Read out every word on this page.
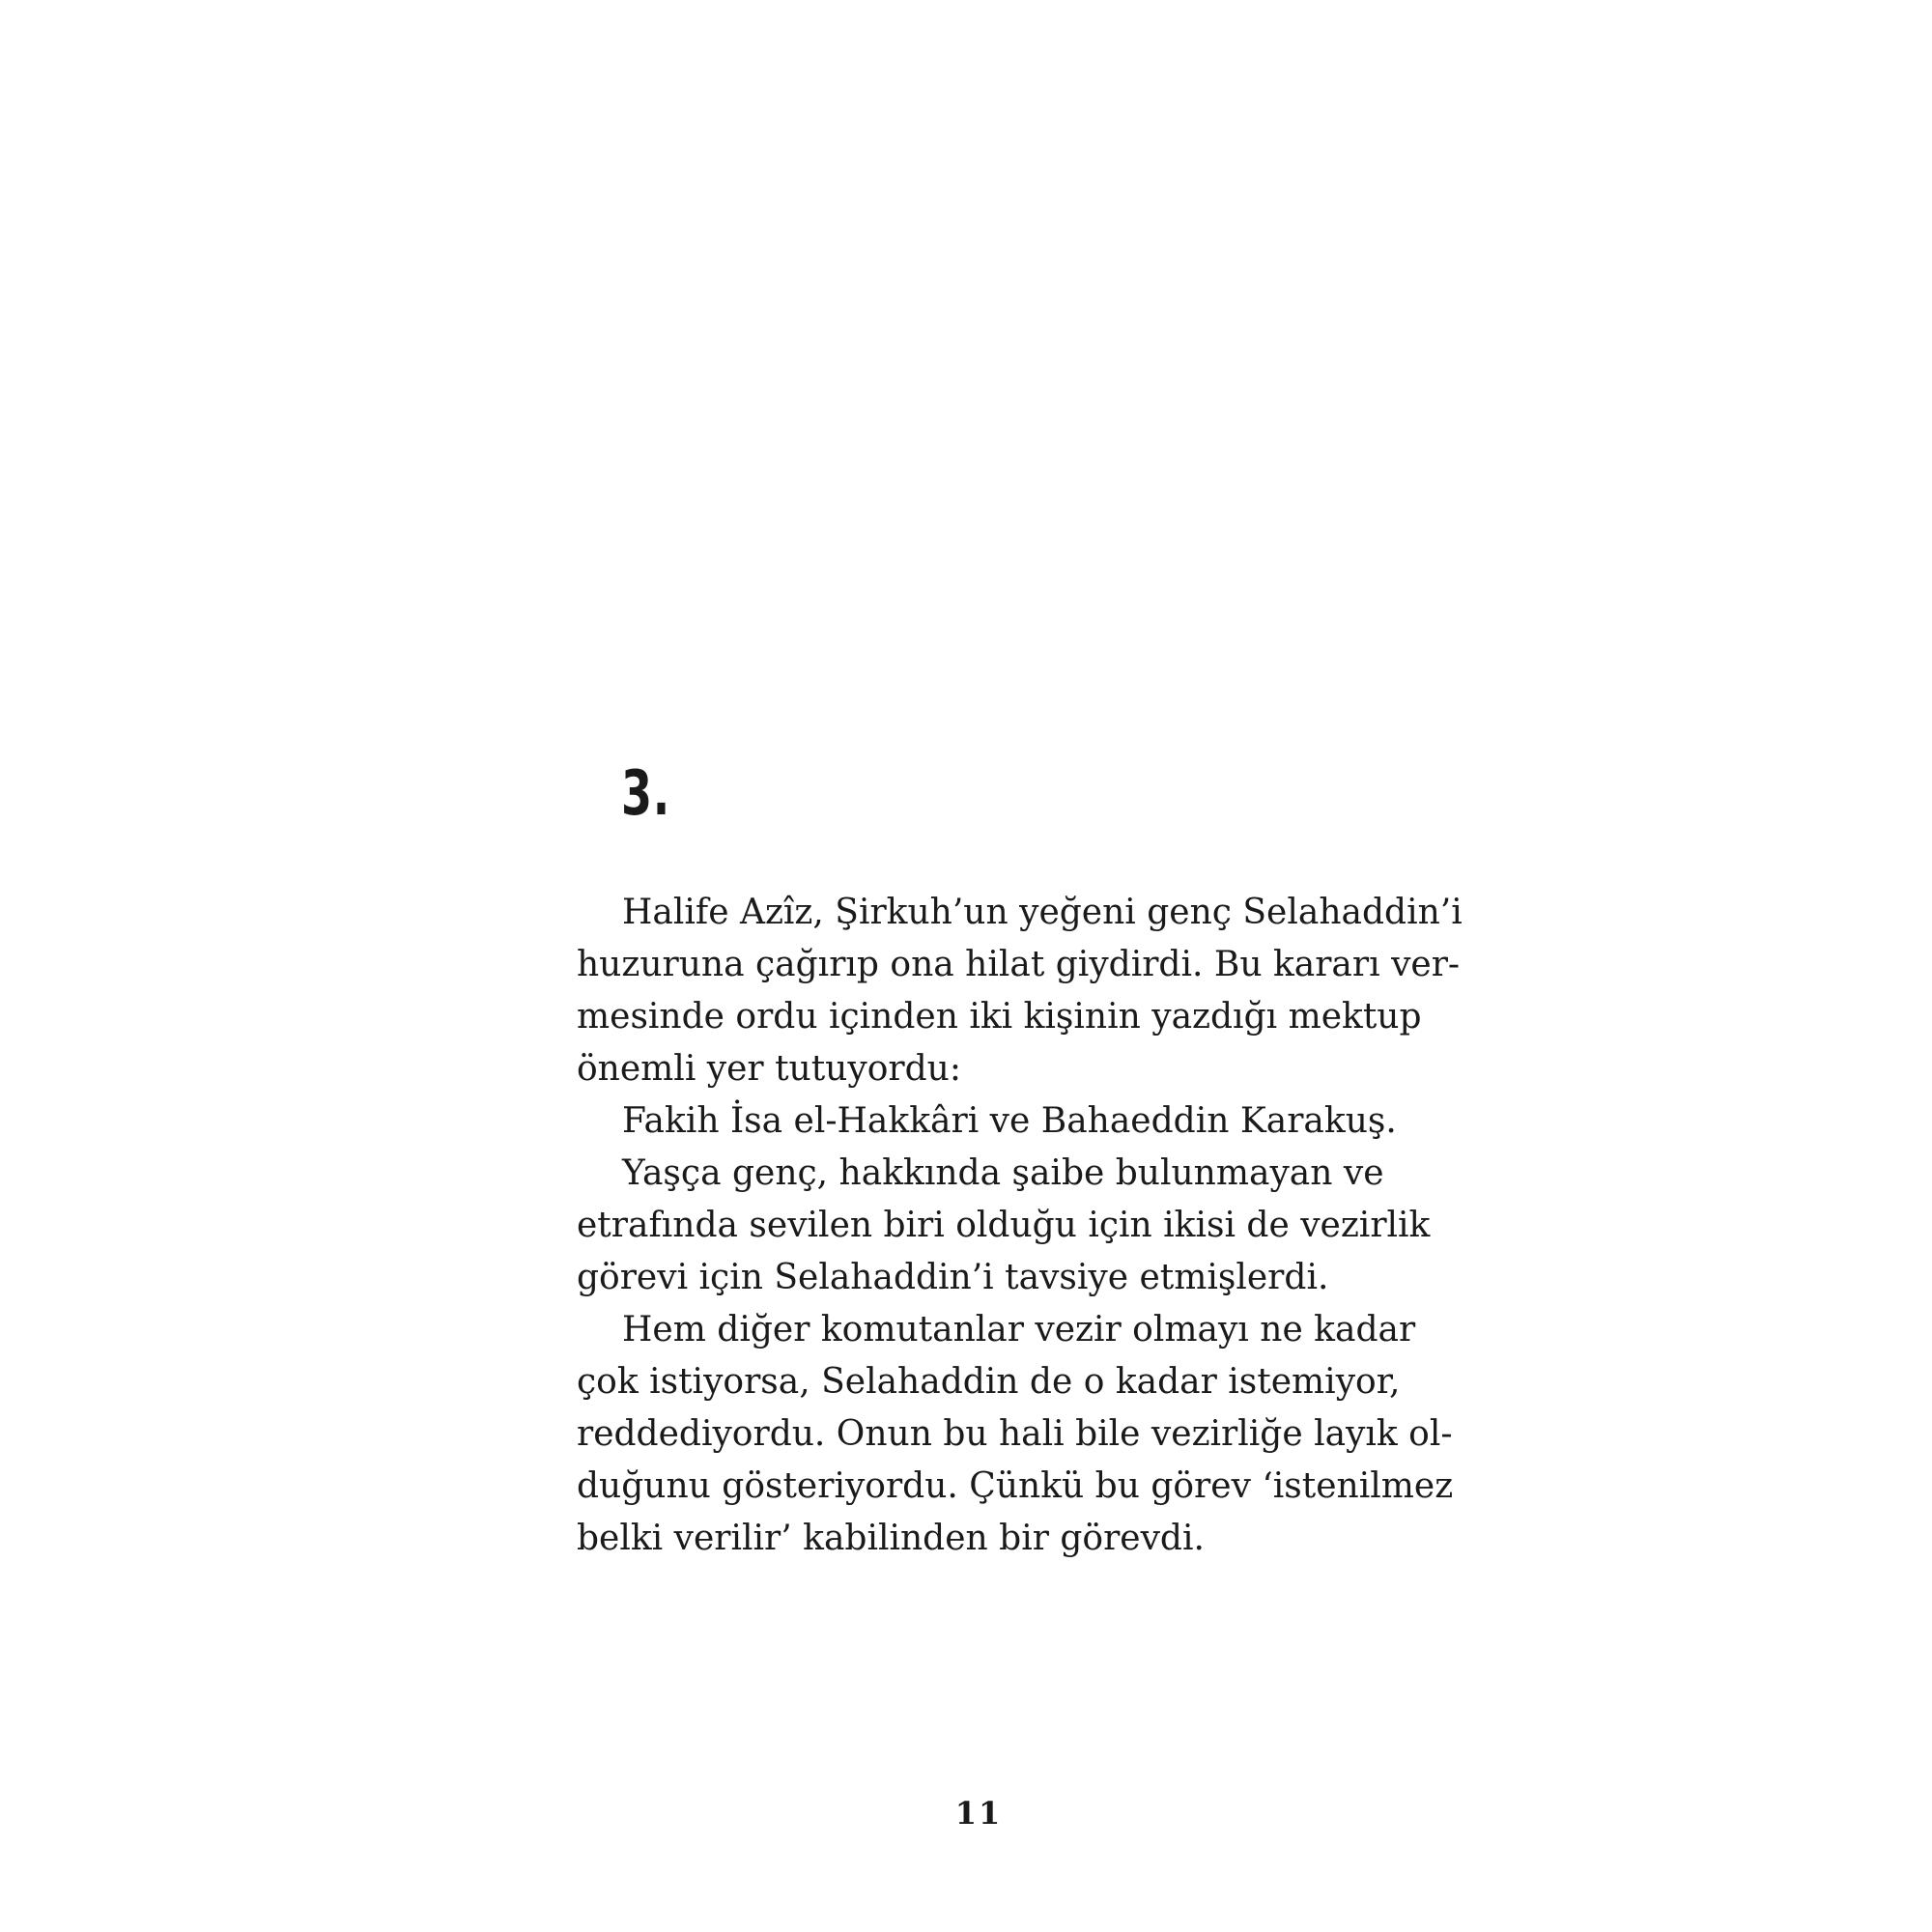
3.
Halife Azîz, Şirkuh’un yeğeni genç Selahaddin’i
huzuruna çağırıp ona hilat giydirdi. Bu kararı ver-
mesinde ordu içinden iki kişinin yazdığı mektup
önemli yer tutuyordu:
Fakih İsa el-Hakkâri ve Bahaeddin Karakuş.
Yaşça genç, hakkında şaibe bulunmayan ve
etrafında sevilen biri olduğu için ikisi de vezirlik
görevi için Selahaddin’i tavsiye etmişlerdi.
Hem diğer komutanlar vezir olmayı ne kadar
çok istiyorsa, Selahaddin de o kadar istemiyor,
reddediyordu. Onun bu hali bile vezirliğe layık ol-
duğunu gösteriyordu. Çünkü bu görev ‘istenilmez
belki verilir’ kabilinden bir görevdi.
11
